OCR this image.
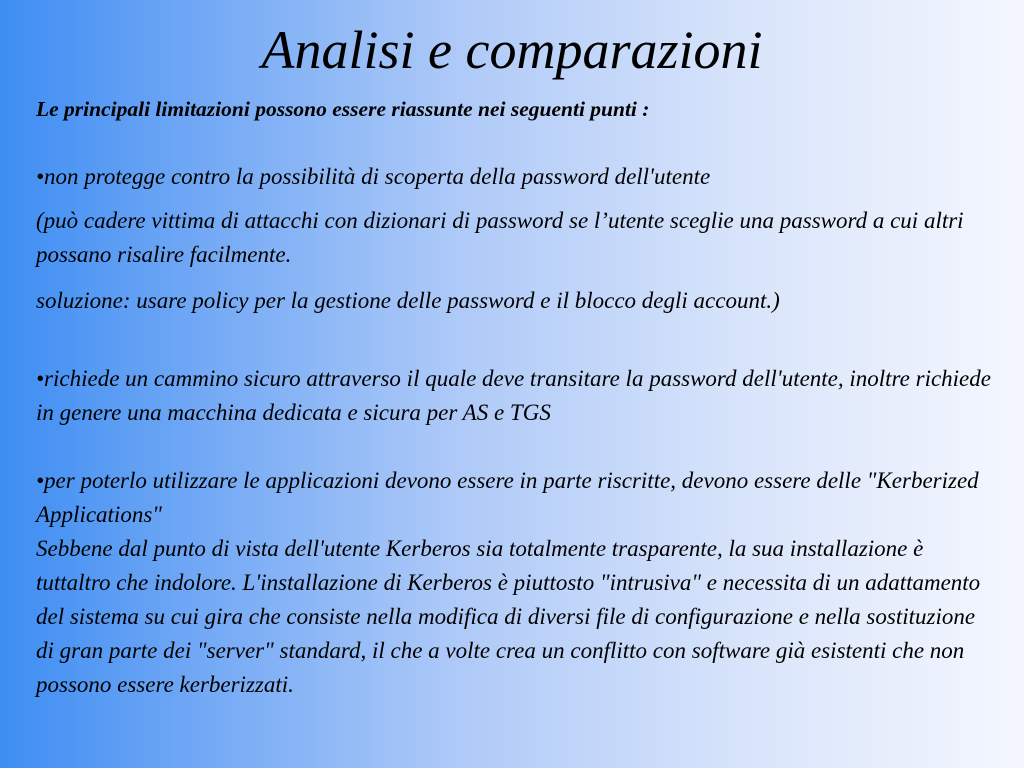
Analisi e comparazioni
Le principali limitazioni possono essere riassunte nei seguenti punti :
•non protegge contro la possibilità di scoperta della password dell'utente
(può cadere vittima di attacchi con dizionari di password se l’utente sceglie una password a cui altri possano risalire facilmente.
soluzione: usare policy per la gestione delle password e il blocco degli account.)
•richiede un cammino sicuro attraverso il quale deve transitare la password dell'utente, inoltre richiede in genere una macchina dedicata e sicura per AS e TGS
•per poterlo utilizzare le applicazioni devono essere in parte riscritte, devono essere delle "Kerberized Applications"
Sebbene dal punto di vista dell'utente Kerberos sia totalmente trasparente, la sua installazione è tuttaltro che indolore. L'installazione di Kerberos è piuttosto "intrusiva" e necessita di un adattamento del sistema su cui gira che consiste nella modifica di diversi file di configurazione e nella sostituzione di gran parte dei "server" standard, il che a volte crea un conflitto con software già esistenti che non possono essere kerberizzati.
